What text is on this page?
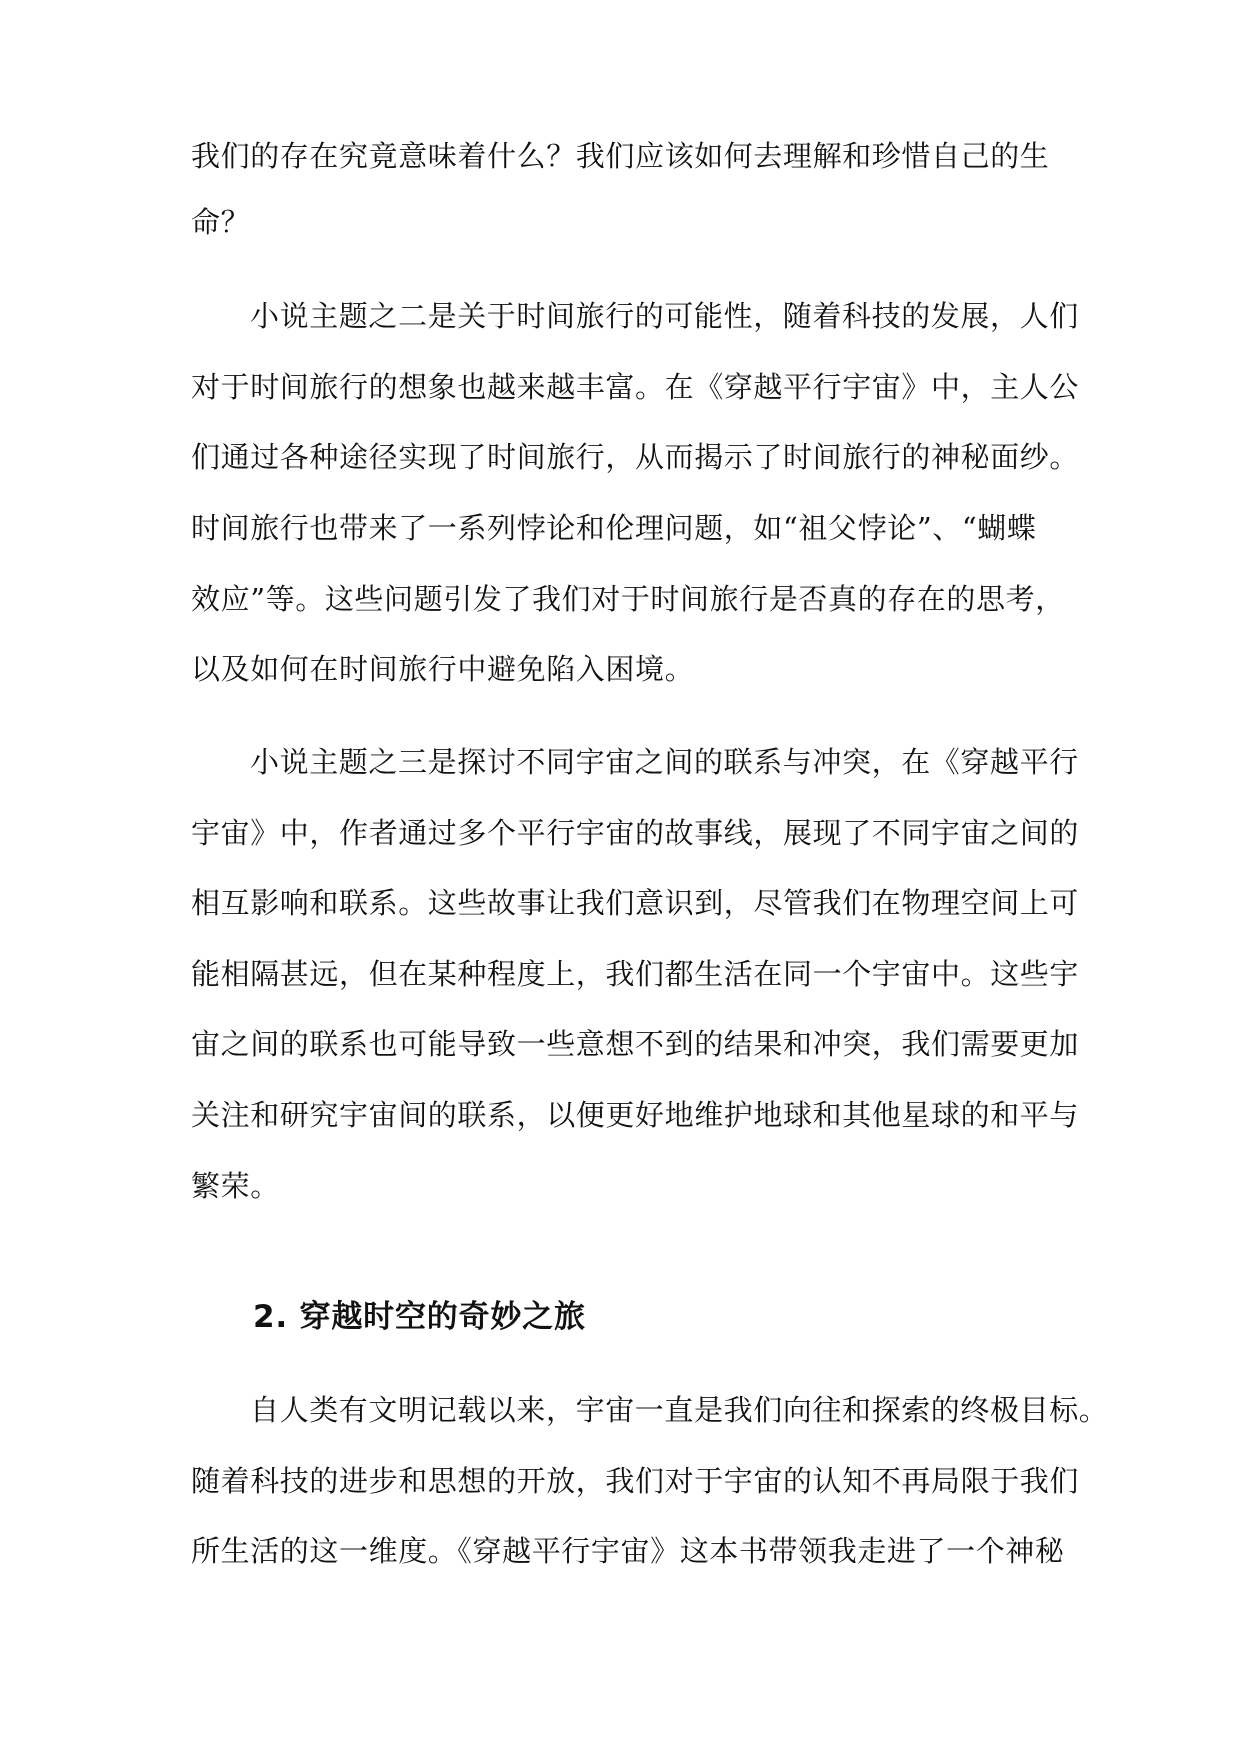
我们的存在究竟意味着什么？我们应该如何去理解和珍惜自己的生
命？
小说主题之二是关于时间旅行的可能性，随着科技的发展，人们
对于时间旅行的想象也越来越丰富。在《穿越平行宇宙》中，主人公
们通过各种途径实现了时间旅行，从而揭示了时间旅行的神秘面纱。
时间旅行也带来了一系列悖论和伦理问题，如“祖父悖论”、“蝴蝶
效应”等。这些问题引发了我们对于时间旅行是否真的存在的思考，
以及如何在时间旅行中避免陷入困境。
小说主题之三是探讨不同宇宙之间的联系与冲突，在《穿越平行
宇宙》中，作者通过多个平行宇宙的故事线，展现了不同宇宙之间的
相互影响和联系。这些故事让我们意识到，尽管我们在物理空间上可
能相隔甚远，但在某种程度上，我们都生活在同一个宇宙中。这些宇
宙之间的联系也可能导致一些意想不到的结果和冲突，我们需要更加
关注和研究宇宙间的联系，以便更好地维护地球和其他星球的和平与
繁荣。
2. 穿越时空的奇妙之旅
自人类有文明记载以来，宇宙一直是我们向往和探索的终极目标。
随着科技的进步和思想的开放，我们对于宇宙的认知不再局限于我们
所生活的这一维度。《穿越平行宇宙》这本书带领我走进了一个神秘
